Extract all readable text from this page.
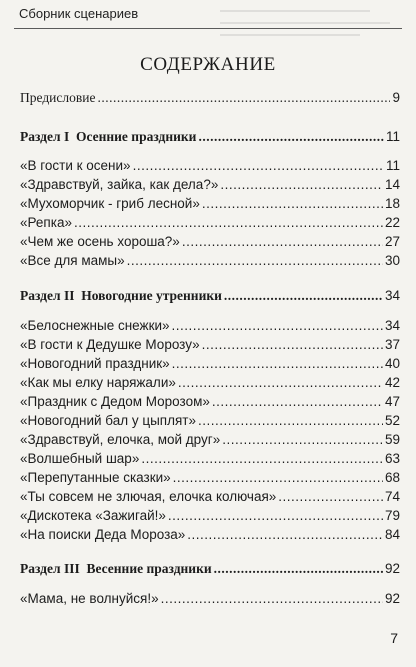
Сборник сценариев
СОДЕРЖАНИЕ
Предисловие .....	9
Раздел I  Осенние праздники .....	11
«В гости к осени» .....	11
«Здравствуй, зайка, как дела?» .....	14
«Мухоморчик - гриб лесной» .....	18
«Репка» .....	22
«Чем же осень хороша?» .....	27
«Все для мамы» .....	30
Раздел II  Новогодние утренники .....	34
«Белоснежные снежки» .....	34
«В гости к Дедушке Морозу» .....	37
«Новогодний праздник» .....	40
«Как мы елку наряжали» .....	42
«Праздник с Дедом Морозом» .....	47
«Новогодний бал у цыплят» .....	52
«Здравствуй, елочка, мой друг» .....	59
«Волшебный шар» .....	63
«Перепутанные сказки» .....	68
«Ты совсем не злючая, елочка колючая» .....	74
«Дискотека «Зажигай!» .....	79
«На поиски Деда Мороза» .....	84
Раздел III  Весенние праздники .....	92
«Мама, не волнуйся!» .....	92
7
